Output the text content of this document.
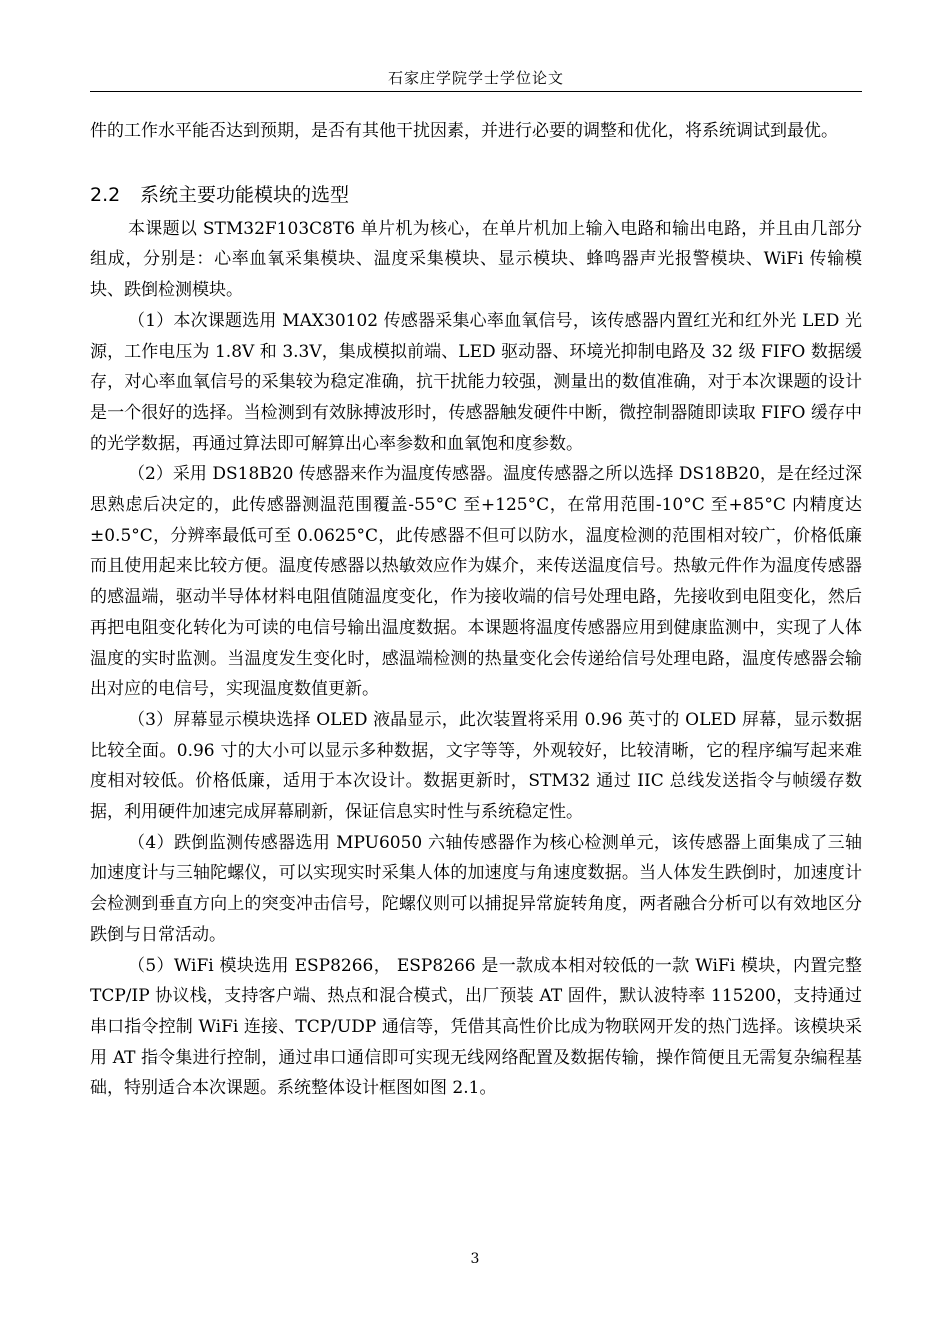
石家庄学院学士学位论文

件的工作水平能否达到预期，是否有其他干扰因素，并进行必要的调整和优化，将系统调试到最优。

2.2 系统主要功能模块的选型

本课题以 STM32F103C8T6 单片机为核心，在单片机加上输入电路和输出电路，并且由几部分组成，分别是：心率血氧采集模块、温度采集模块、显示模块、蜂鸣器声光报警模块、WiFi 传输模块、跌倒检测模块。

（1）本次课题选用 MAX30102 传感器采集心率血氧信号，该传感器内置红光和红外光 LED 光源，工作电压为 1.8V 和 3.3V，集成模拟前端、LED 驱动器、环境光抑制电路及 32 级 FIFO 数据缓存，对心率血氧信号的采集较为稳定准确，抗干扰能力较强，测量出的数值准确，对于本次课题的设计是一个很好的选择。当检测到有效脉搏波形时，传感器触发硬件中断，微控制器随即读取 FIFO 缓存中的光学数据，再通过算法即可解算出心率参数和血氧饱和度参数。

（2）采用 DS18B20 传感器来作为温度传感器。温度传感器之所以选择 DS18B20，是在经过深思熟虑后决定的，此传感器测温范围覆盖-55°C 至+125°C，在常用范围-10°C 至+85°C 内精度达±0.5°C，分辨率最低可至 0.0625°C，此传感器不但可以防水，温度检测的范围相对较广，价格低廉而且使用起来比较方便。温度传感器以热敏效应作为媒介，来传送温度信号。热敏元件作为温度传感器的感温端，驱动半导体材料电阻值随温度变化，作为接收端的信号处理电路，先接收到电阻变化，然后再把电阻变化转化为可读的电信号输出温度数据。本课题将温度传感器应用到健康监测中，实现了人体温度的实时监测。当温度发生变化时，感温端检测的热量变化会传递给信号处理电路，温度传感器会输出对应的电信号，实现温度数值更新。

（3）屏幕显示模块选择 OLED 液晶显示，此次装置将采用 0.96 英寸的 OLED 屏幕，显示数据比较全面。0.96 寸的大小可以显示多种数据，文字等等，外观较好，比较清晰，它的程序编写起来难度相对较低。价格低廉，适用于本次设计。数据更新时，STM32 通过 IIC 总线发送指令与帧缓存数据，利用硬件加速完成屏幕刷新，保证信息实时性与系统稳定性。

（4）跌倒监测传感器选用 MPU6050 六轴传感器作为核心检测单元，该传感器上面集成了三轴加速度计与三轴陀螺仪，可以实现实时采集人体的加速度与角速度数据。当人体发生跌倒时，加速度计会检测到垂直方向上的突变冲击信号，陀螺仪则可以捕捉异常旋转角度，两者融合分析可以有效地区分跌倒与日常活动。

（5）WiFi 模块选用 ESP8266， ESP8266 是一款成本相对较低的一款 WiFi 模块，内置完整 TCP/IP 协议栈，支持客户端、热点和混合模式，出厂预装 AT 固件，默认波特率 115200，支持通过串口指令控制 WiFi 连接、TCP/UDP 通信等，凭借其高性价比成为物联网开发的热门选择。该模块采用 AT 指令集进行控制，通过串口通信即可实现无线网络配置及数据传输，操作简便且无需复杂编程基础，特别适合本次课题。系统整体设计框图如图 2.1。

3
